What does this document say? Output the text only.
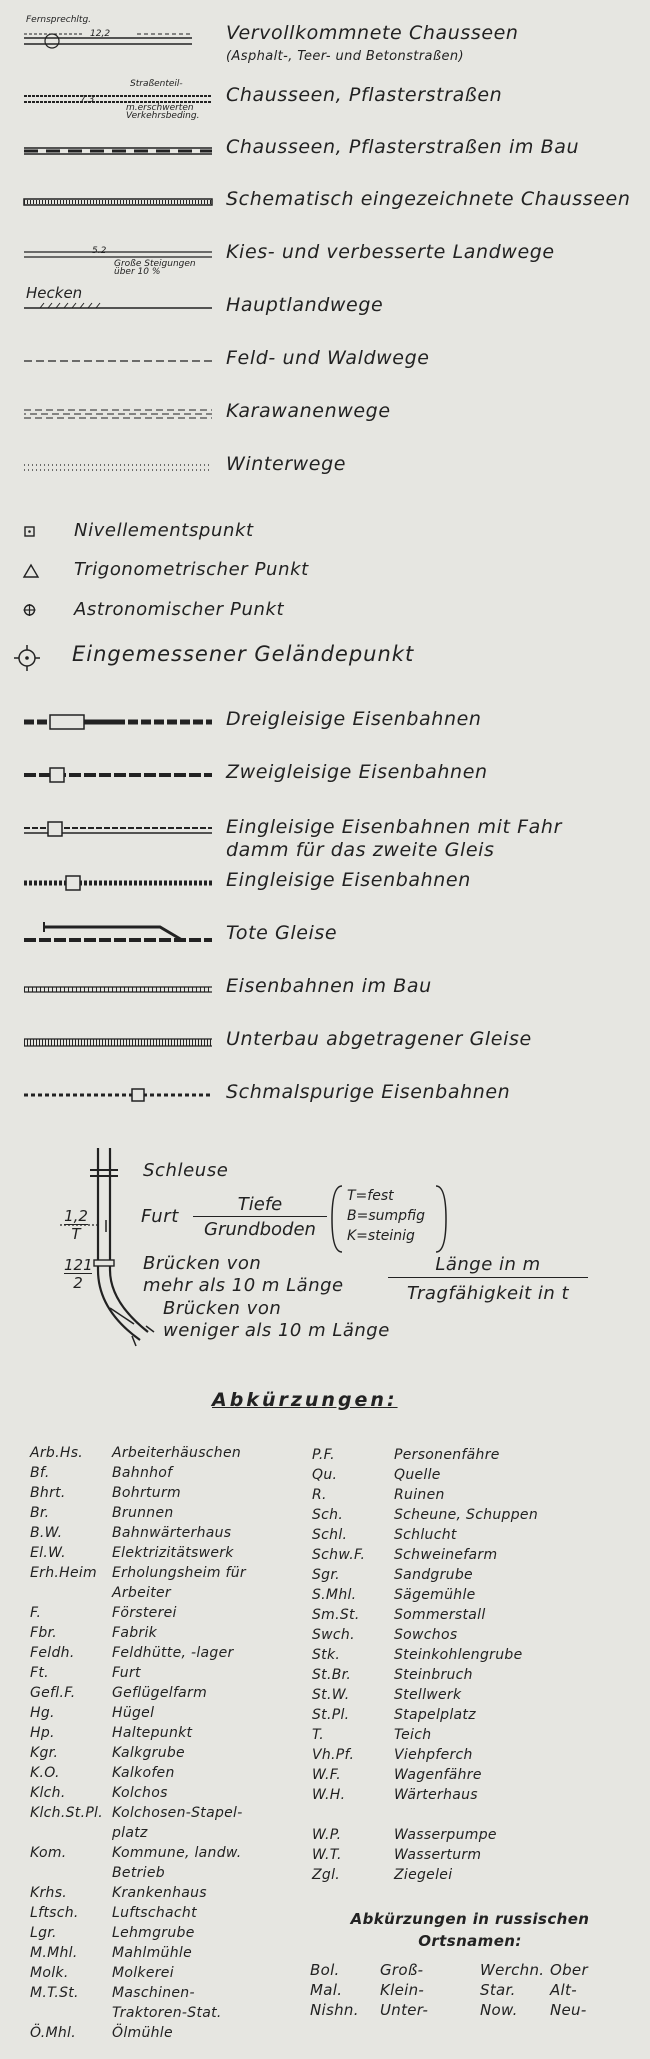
Fernsprechltg.
12,2	Vervollkommnete Chausseen
(Asphalt-, Teer- und Betonstraßen)
7.3
Straßenteil-
m.erschwerten
Verkehrsbeding.
Chausseen, Pflasterstraßen
Chausseen, Pflasterstraßen im Bau
Schematisch eingezeichnete Chausseen
5.2
Große Steigungen
über 10 %
Kies- und verbesserte Landwege
Hecken
Hauptlandwege
Feld- und Waldwege
Karawanenwege
Winterwege
Nivellementspunkt
Trigonometrischer Punkt
Astronomischer Punkt
Eingemessener Geländepunkt
Dreigleisige Eisenbahnen
Zweigleisige Eisenbahnen
Eingleisige Eisenbahnen mit Fahr
damm für das zweite Gleis
Eingleisige Eisenbahnen
Tote Gleise
Eisenbahnen im Bau
Unterbau abgetragener Gleise
Schmalspurige Eisenbahnen
1,2
T
121
2
Schleuse
Furt
Tiefe
Grundboden
T=fest
B=sumpfig
K=steinig
Brücken von
mehr als 10 m Länge
Länge in m
Tragfähigkeit in t
Brücken von
weniger als 10 m Länge
Abkürzungen:
Arb.Hs. Arbeiterhäuschen
Bf.	Bahnhof
Bhrt.	Bohrturm
Br.	Brunnen
B.W.	Bahnwärterhaus
El.W.	Elektrizitätswerk
Erh.Heim Erholungsheim für
Arbeiter
F.	Försterei
Fbr.	Fabrik
Feldh.	Feldhütte, -lager
Ft.	Furt
Gefl.F.	Geflügelfarm
Hg.	Hügel
Hp.	Haltepunkt
Kgr.	Kalkgrube
K.O.	Kalkofen
Klch.	Kolchos
Klch.St.Pl. Kolchosen-Stapel-
platz
Kom.	Kommune, landw.
Betrieb
Krhs.	Krankenhaus
Lftsch. Luftschacht
Lgr.	Lehmgrube
M.Mhl. Mahlmühle
Molk.	Molkerei
M.T.St. Maschinen-
Traktoren-Stat.
Ö.Mhl.	Ölmühle
P.F.	Personenfähre
Qu.	Quelle
R.	Ruinen
Sch.	Scheune, Schuppen
Schl.	Schlucht
Schw.F. Schweinefarm
Sgr.	Sandgrube
S.Mhl.	Sägemühle
Sm.St. Sommerstall
Swch.	Sowchos
Stk.	Steinkohlengrube
St.Br.	Steinbruch
St.W.	Stellwerk
St.Pl.	Stapelplatz
T.	Teich
Vh.Pf.	Viehpferch
W.F.	Wagenfähre
W.H.	Wärterhaus
W.P.	Wasserpumpe
W.T.	Wasserturm
Zgl.	Ziegelei
Abkürzungen in russischen
Ortsnamen:
Bol.	Groß-	Werchn. Ober
Mal.	Klein-	Star. Alt-
Nishn. Unter-	Now. Neu-
